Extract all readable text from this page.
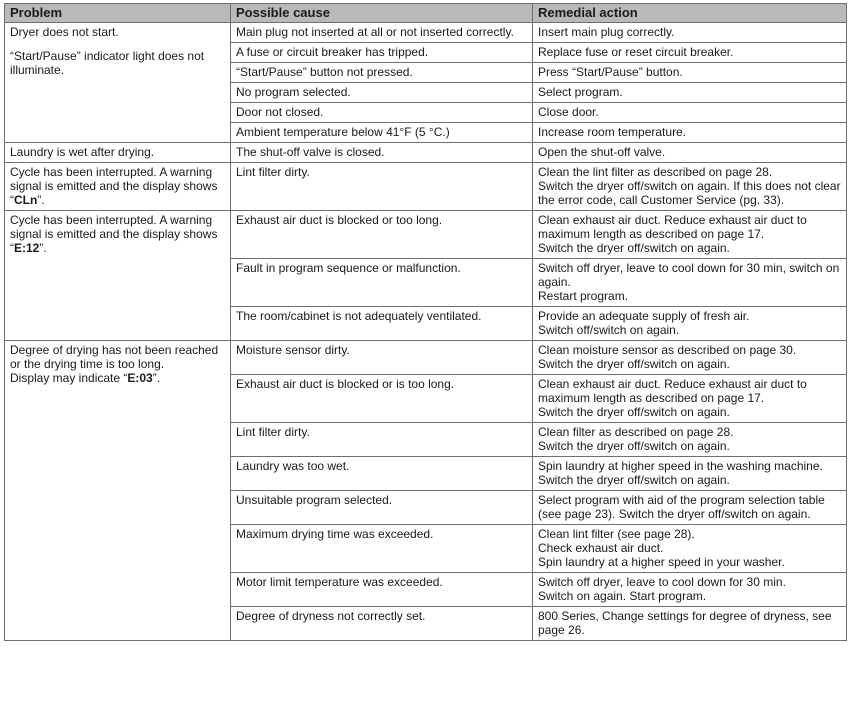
Problem	Possible cause	Remedial action

Dryer does not start.
“Start/Pause” indicator light does not illuminate.	Main plug not inserted at all or not inserted correctly.	Insert main plug correctly.

	A fuse or circuit breaker has tripped.	Replace fuse or reset circuit breaker.

	“Start/Pause” button not pressed.	Press “Start/Pause” button.

	No program selected.	Select program.

	Door not closed.	Close door.

	Ambient temperature below 41°F (5 °C.)	Increase room temperature.

Laundry is wet after drying.	The shut-off valve is closed.	Open the shut-off valve.

Cycle has been interrupted. A warning signal is emitted and the display shows “CLn”.	Lint filter dirty.	Clean the lint filter as described on page 28.
Switch the dryer off/switch on again. If this does not clear the error code, call Customer Service (pg. 33).

Cycle has been interrupted. A warning signal is emitted and the display shows “E:12”.	Exhaust air duct is blocked or too long.	Clean exhaust air duct. Reduce exhaust air duct to maximum length as described on page 17.
Switch the dryer off/switch on again.

	Fault in program sequence or malfunction.	Switch off dryer, leave to cool down for 30 min, switch on again.
Restart program.

	The room/cabinet is not adequately ventilated.	Provide an adequate supply of fresh air.
Switch off/switch on again.

Degree of drying has not been reached or the drying time is too long.
Display may indicate “E:03”.	Moisture sensor dirty.	Clean moisture sensor as described on page 30.
Switch the dryer off/switch on again.

	Exhaust air duct is blocked or is too long.	Clean exhaust air duct. Reduce exhaust air duct to maximum length as described on page 17.
Switch the dryer off/switch on again.

	Lint filter dirty.	Clean filter as described on page 28.
Switch the dryer off/switch on again.

	Laundry was too wet.	Spin laundry at higher speed in the washing machine. Switch the dryer off/switch on again.

	Unsuitable program selected.	Select program with aid of the program selection table (see page 23). Switch the dryer off/switch on again.

	Maximum drying time was exceeded.	Clean lint filter (see page 28).
Check exhaust air duct.
Spin laundry at a higher speed in your washer.

	Motor limit temperature was exceeded.	Switch off dryer, leave to cool down for 30 min.
Switch on again. Start program.

	Degree of dryness not correctly set.	800 Series, Change settings for degree of dryness, see page 26.
